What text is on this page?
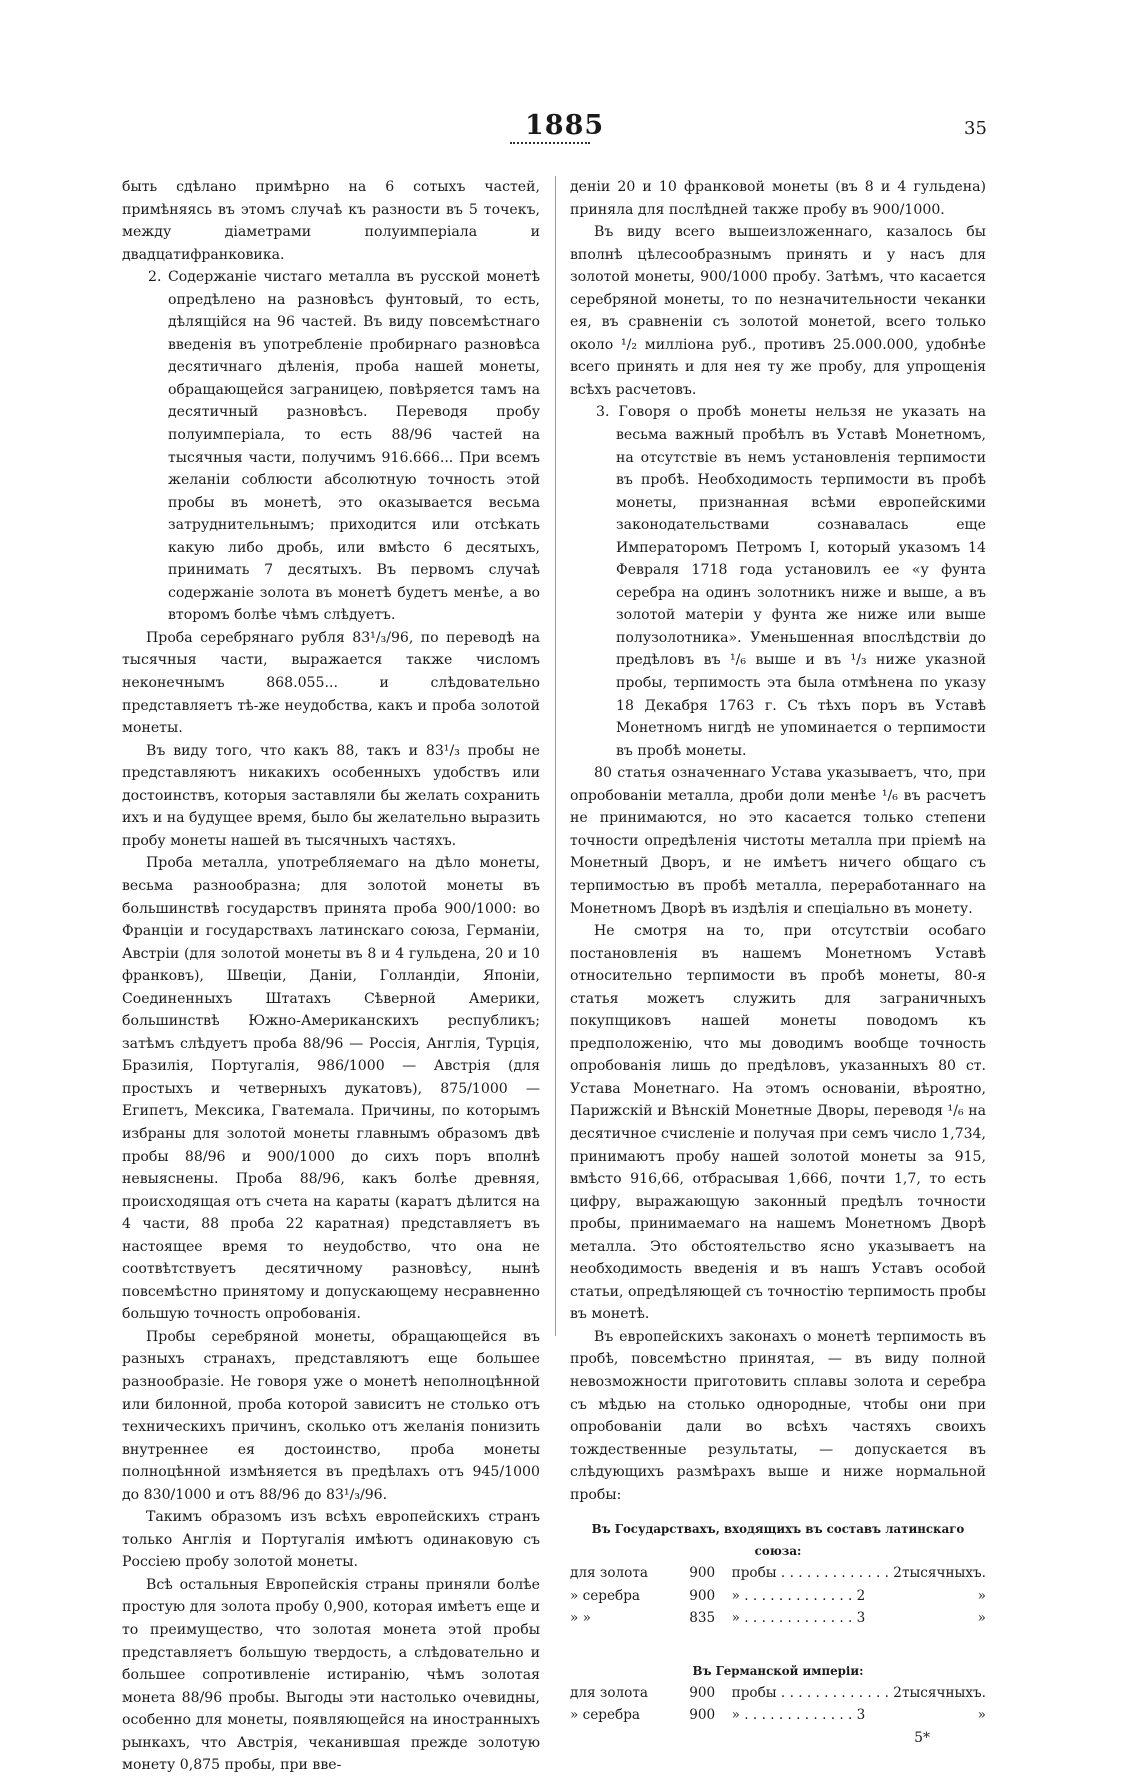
1885	35

быть сдѣлано примѣрно на 6 сотыхъ частей, примѣняясь въ этомъ случаѣ къ разности въ 5 точекъ, между діаметрами полуимперіала и двадцатифранковика.

2. Содержаніе чистаго металла въ русской монетѣ опредѣлено на разновѣсъ фунтовый, то есть, дѣлящійся на 96 частей. Въ виду повсемѣстнаго введенія въ употребленіе пробирнаго разновѣса десятичнаго дѣленія, проба нашей монеты, обращающейся заграницею, повѣряется тамъ на десятичный разновѣсъ. Переводя пробу полуимперіала, то есть 88/96 частей на тысячныя части, получимъ 916.666... При всемъ желаніи соблюсти абсолютную точность этой пробы въ монетѣ, это оказывается весьма затруднительнымъ; приходится или отсѣкать какую либо дробь, или вмѣсто 6 десятыхъ, принимать 7 десятыхъ. Въ первомъ случаѣ содержаніе золота въ монетѣ будетъ менѣе, а во второмъ болѣе чѣмъ слѣдуетъ.

Проба серебрянаго рубля 83¹/₃/96, по переводѣ на тысячныя части, выражается также числомъ неконечнымъ 868.055... и слѣдовательно представляетъ тѣ-же неудобства, какъ и проба золотой монеты.

Въ виду того, что какъ 88, такъ и 83¹/₃ пробы не представляютъ никакихъ особенныхъ удобствъ или достоинствъ, которыя заставляли бы желать сохранить ихъ и на будущее время, было бы желательно выразить пробу монеты нашей въ тысячныхъ частяхъ.

Проба металла, употребляемаго на дѣло монеты, весьма разнообразна; для золотой монеты въ большинствѣ государствъ принята проба 900/1000: во Франціи и государствахъ латинскаго союза, Германіи, Австріи (для золотой монеты въ 8 и 4 гульдена, 20 и 10 франковъ), Швеціи, Даніи, Голландіи, Японіи, Соединенныхъ Штатахъ Сѣверной Америки, большинствѣ Южно-Американскихъ республикъ; затѣмъ слѣдуетъ проба 88/96 — Россія, Англія, Турція, Бразилія, Португалія, 986/1000 — Австрія (для простыхъ и четверныхъ дукатовъ), 875/1000 — Египетъ, Мексика, Гватемала. Причины, по которымъ избраны для золотой монеты главнымъ образомъ двѣ пробы 88/96 и 900/1000 до сихъ поръ вполнѣ невыяснены. Проба 88/96, какъ болѣе древняя, происходящая отъ счета на караты (каратъ дѣлится на 4 части, 88 проба 22 каратная) представляетъ въ настоящее время то неудобство, что она не соотвѣтствуетъ десятичному разновѣсу, нынѣ повсемѣстно принятому и допускающему несравненно большую точность опробованія.

Пробы серебряной монеты, обращающейся въ разныхъ странахъ, представляютъ еще большее разнообразіе. Не говоря уже о монетѣ неполноцѣнной или билонной, проба которой зависитъ не столько отъ техническихъ причинъ, сколько отъ желанія понизить внутреннее ея достоинство, проба монеты полноцѣнной измѣняется въ предѣлахъ отъ 945/1000 до 830/1000 и отъ 88/96 до 83¹/₃/96.

Такимъ образомъ изъ всѣхъ европейскихъ странъ только Англія и Португалія имѣютъ одинаковую съ Россіею пробу золотой монеты.

Всѣ остальныя Европейскія страны приняли болѣе простую для золота пробу 0,900, которая имѣетъ еще и то преимущество, что золотая монета этой пробы представляетъ большую твердость, а слѣдовательно и большее сопротивленіе истиранію, чѣмъ золотая монета 88/96 пробы. Выгоды эти настолько очевидны, особенно для монеты, появляющейся на иностранныхъ рынкахъ, что Австрія, чеканившая прежде золотую монету 0,875 пробы, при вве-

деніи 20 и 10 франковой монеты (въ 8 и 4 гульдена) приняла для послѣдней также пробу въ 900/1000.

Въ виду всего вышеизложеннаго, казалось бы вполнѣ цѣлесообразнымъ принять и у насъ для золотой монеты, 900/1000 пробу. Затѣмъ, что касается серебряной монеты, то по незначительности чеканки ея, въ сравненіи съ золотой монетой, всего только около ¹/₂ милліона руб., противъ 25.000.000, удобнѣе всего принять и для нея ту же пробу, для упрощенія всѣхъ расчетовъ.

3. Говоря о пробѣ монеты нельзя не указать на весьма важный пробѣлъ въ Уставѣ Монетномъ, на отсутствіе въ немъ установленія терпимости въ пробѣ. Необходимость терпимости въ пробѣ монеты, признанная всѣми европейскими законодательствами сознавалась еще Императоромъ Петромъ I, который указомъ 14 Февраля 1718 года установилъ ее «у фунта серебра на одинъ золотникъ ниже и выше, а въ золотой матеріи у фунта же ниже или выше полузолотника». Уменьшенная впослѣдствіи до предѣловъ въ ¹/₆ выше и въ ¹/₃ ниже указной пробы, терпимость эта была отмѣнена по указу 18 Декабря 1763 г. Съ тѣхъ поръ въ Уставѣ Монетномъ нигдѣ не упоминается о терпимости въ пробѣ монеты.

80 статья означеннаго Устава указываетъ, что, при опробованіи металла, дроби доли менѣе ¹/₆ въ расчетъ не принимаются, но это касается только степени точности опредѣленія чистоты металла при пріемѣ на Монетный Дворъ, и не имѣетъ ничего общаго съ терпимостью въ пробѣ металла, переработаннаго на Монетномъ Дворѣ въ издѣлія и спеціально въ монету.

Не смотря на то, при отсутствіи особаго постановленія въ нашемъ Монетномъ Уставѣ относительно терпимости въ пробѣ монеты, 80-я статья можетъ служить для заграничныхъ покупщиковъ нашей монеты поводомъ къ предположенію, что мы доводимъ вообще точность опробованія лишь до предѣловъ, указанныхъ 80 ст. Устава Монетнаго. На этомъ основаніи, вѣроятно, Парижскій и Вѣнскій Монетные Дворы, переводя ¹/₆ на десятичное счисленіе и получая при семъ число 1,734, принимаютъ пробу нашей золотой монеты за 915, вмѣсто 916,66, отбрасывая 1,666, почти 1,7, то есть цифру, выражающую законный предѣлъ точности пробы, принимаемаго на нашемъ Монетномъ Дворѣ металла. Это обстоятельство ясно указываетъ на необходимость введенія и въ нашъ Уставъ особой статьи, опредѣляющей съ точностію терпимость пробы въ монетѣ.

Въ европейскихъ законахъ о монетѣ терпимость въ пробѣ, повсемѣстно принятая, — въ виду полной невозможности приготовить сплавы золота и серебра съ мѣдью на столько однородные, чтобы они при опробованіи дали во всѣхъ частяхъ своихъ тождественные результаты, — допускается въ слѣдующихъ размѣрахъ выше и ниже нормальной пробы:

Въ Государствахъ, входящихъ въ составъ латинскаго союза:
для золота	900	пробы . . . . . . . . . . . . . 2	тысячныхъ.
» серебра	900	» . . . . . . . . . . . . . 2	»
» »	835	» . . . . . . . . . . . . . 3	»
Въ Германской имперіи:
для золота	900	пробы . . . . . . . . . . . . . 2	тысячныхъ.
» серебра	900	» . . . . . . . . . . . . . 3	»
5*
